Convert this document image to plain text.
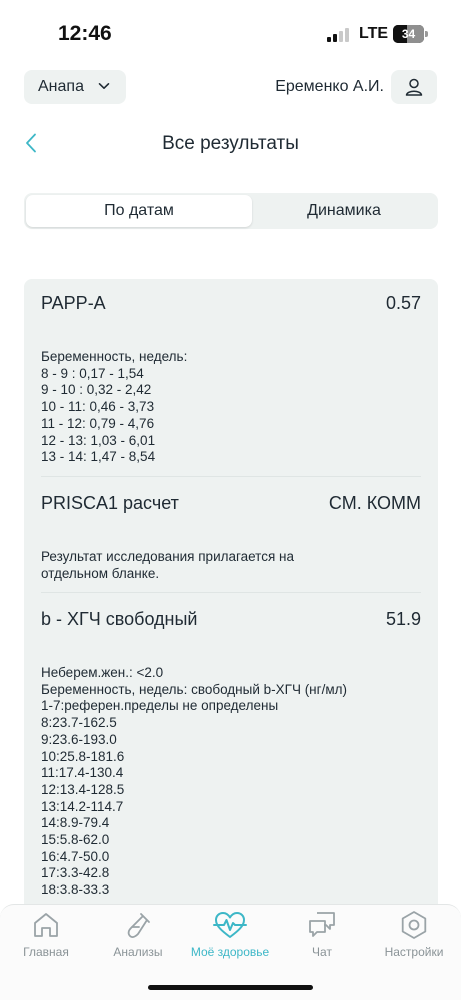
12:46	LTE	34
Анапа	Еременко А.И.
Все результаты
По датам	Динамика
PAPP-A	0.57
Беременность, недель:
8 - 9 : 0,17 - 1,54
9 - 10 : 0,32 - 2,42
10 - 11: 0,46 - 3,73
11 - 12: 0,79 - 4,76
12 - 13: 1,03 - 6,01
13 - 14: 1,47 - 8,54
PRISCA1 расчет	СМ. КОММ
Результат исследования прилагается на
отдельном бланке.
b - ХГЧ свободный	51.9
Неберем.жен.: <2.0
Беременность, недель: свободный b-ХГЧ (нг/мл)
1-7:референ.пределы не определены
8:23.7-162.5
9:23.6-193.0
10:25.8-181.6
11:17.4-130.4
12:13.4-128.5
13:14.2-114.7
14:8.9-79.4
15:5.8-62.0
16:4.7-50.0
17:3.3-42.8
18:3.8-33.3
Главная	Анализы	Моё здоровье	Чат	Настройки
